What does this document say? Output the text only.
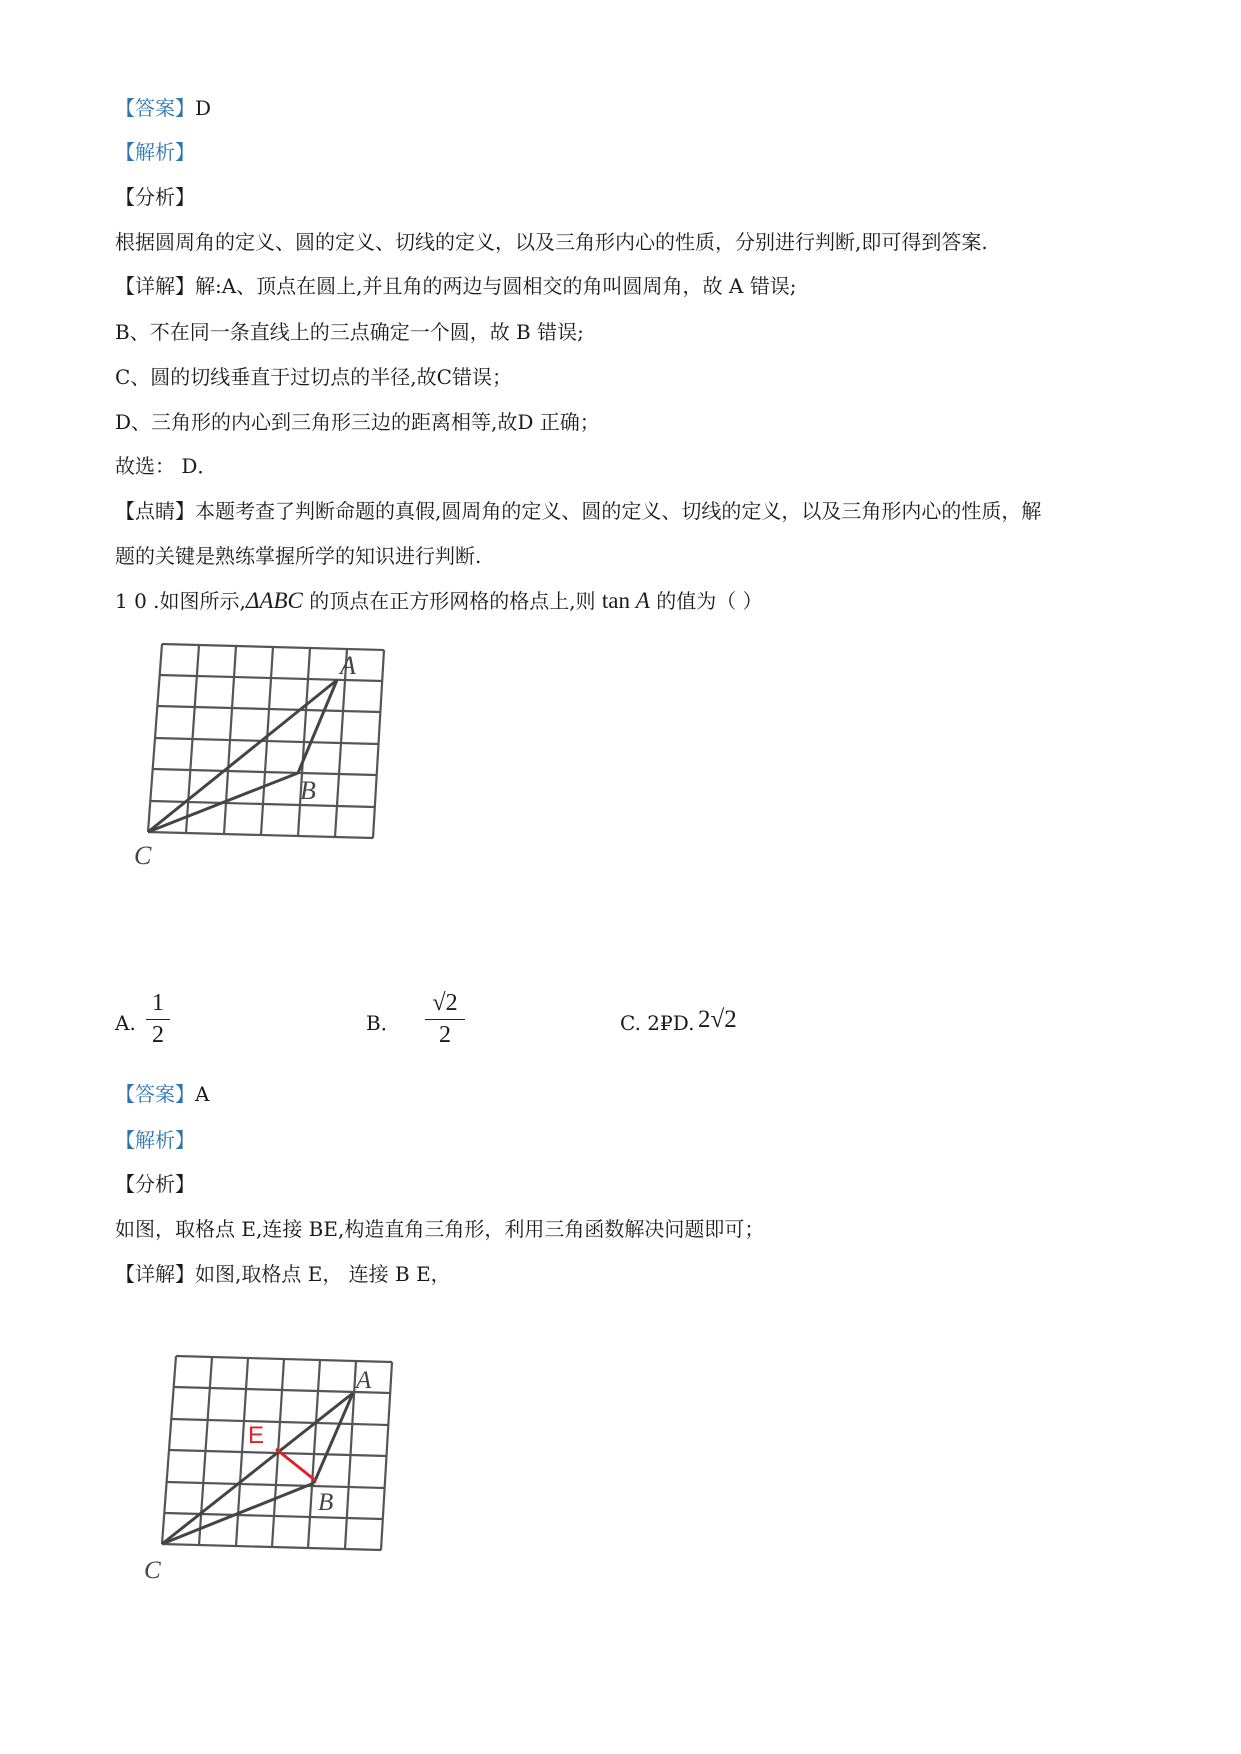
【答案】D
【解析】
【分析】
根据圆周角的定义、圆的定义、切线的定义，以及三角形内心的性质，分别进行判断,即可得到答案.
【详解】解:A、顶点在圆上,并且角的两边与圆相交的角叫圆周角，故 A 错误;
B、不在同一条直线上的三点确定一个圆，故 B 错误;
C、圆的切线垂直于过切点的半径,故C错误；
D、三角形的内心到三角形三边的距离相等,故D 正确；
故选： D．
【点睛】本题考查了判断命题的真假,圆周角的定义、圆的定义、切线的定义，以及三角形内心的性质，解
题的关键是熟练掌握所学的知识进行判断.
1 0 .如图所示,ΔABC 的顶点在正方形网格的格点上,则 tan A 的值为（ ）
A
B
C
A.
1
2	B．
√2
2	C. 2₽D. 2√2
【答案】A
【解析】
【分析】
如图，取格点 E,连接 BE,构造直角三角形，利用三角函数解决问题即可；
【详解】如图,取格点 E， 连接 B E，
E
A
B
C
